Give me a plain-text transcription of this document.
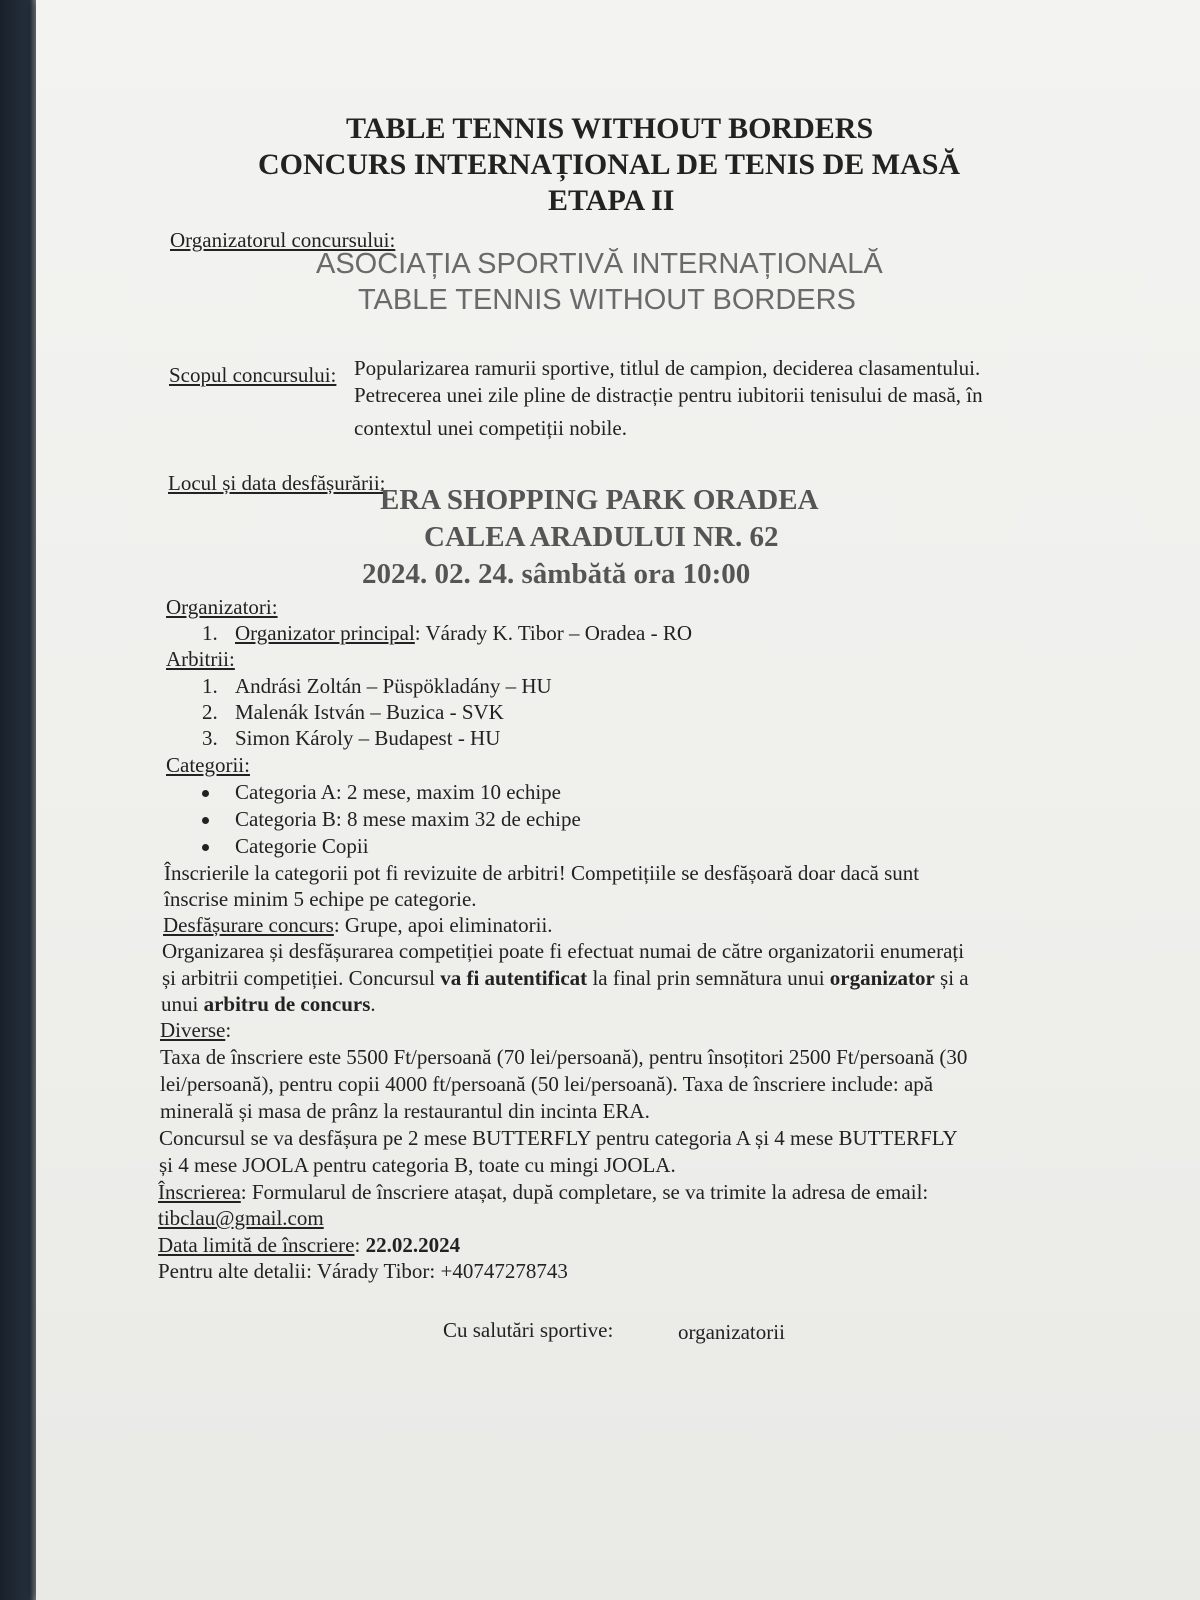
TABLE TENNIS WITHOUT BORDERS
CONCURS INTERNAȚIONAL DE TENIS DE MASĂ
ETAPA II
Organizatorul concursului:
ASOCIAȚIA SPORTIVĂ INTERNAȚIONALĂ
TABLE TENNIS WITHOUT BORDERS
Scopul concursului: Popularizarea ramurii sportive, titlul de campion, deciderea clasamentului.
Petrecerea unei zile pline de distracție pentru iubitorii tenisului de masă, în
contextul unei competiții nobile.
Locul și data desfășurării:
ERA SHOPPING PARK ORADEA
CALEA ARADULUI NR. 62
2024. 02. 24. sâmbătă ora 10:00
Organizatori:
1. Organizator principal: Várady K. Tibor – Oradea - RO
Arbitrii:
1. Andrási Zoltán – Püspökladány – HU
2. Malenák István – Buzica - SVK
3. Simon Károly – Budapest - HU
Categorii:
Categoria A: 2 mese, maxim 10 echipe
Categoria B: 8 mese maxim 32 de echipe
Categorie Copii
Înscrierile la categorii pot fi revizuite de arbitri! Competițiile se desfășoară doar dacă sunt
înscrise minim 5 echipe pe categorie.
Desfășurare concurs: Grupe, apoi eliminatorii.
Organizarea și desfășurarea competiției poate fi efectuat numai de către organizatorii enumerați
și arbitrii competiției. Concursul va fi autentificat la final prin semnătura unui organizator și a
unui arbitru de concurs.
Diverse:
Taxa de înscriere este 5500 Ft/persoană (70 lei/persoană), pentru însoțitori 2500 Ft/persoană (30
lei/persoană), pentru copii 4000 ft/persoană (50 lei/persoană). Taxa de înscriere include: apă
minerală și masa de prânz la restaurantul din incinta ERA.
Concursul se va desfășura pe 2 mese BUTTERFLY pentru categoria A și 4 mese BUTTERFLY
și 4 mese JOOLA pentru categoria B, toate cu mingi JOOLA.
Înscrierea: Formularul de înscriere atașat, după completare, se va trimite la adresa de email:
tibclau@gmail.com
Data limită de înscriere: 22.02.2024
Pentru alte detalii: Várady Tibor: +40747278743
Cu salutări sportive:	organizatorii
